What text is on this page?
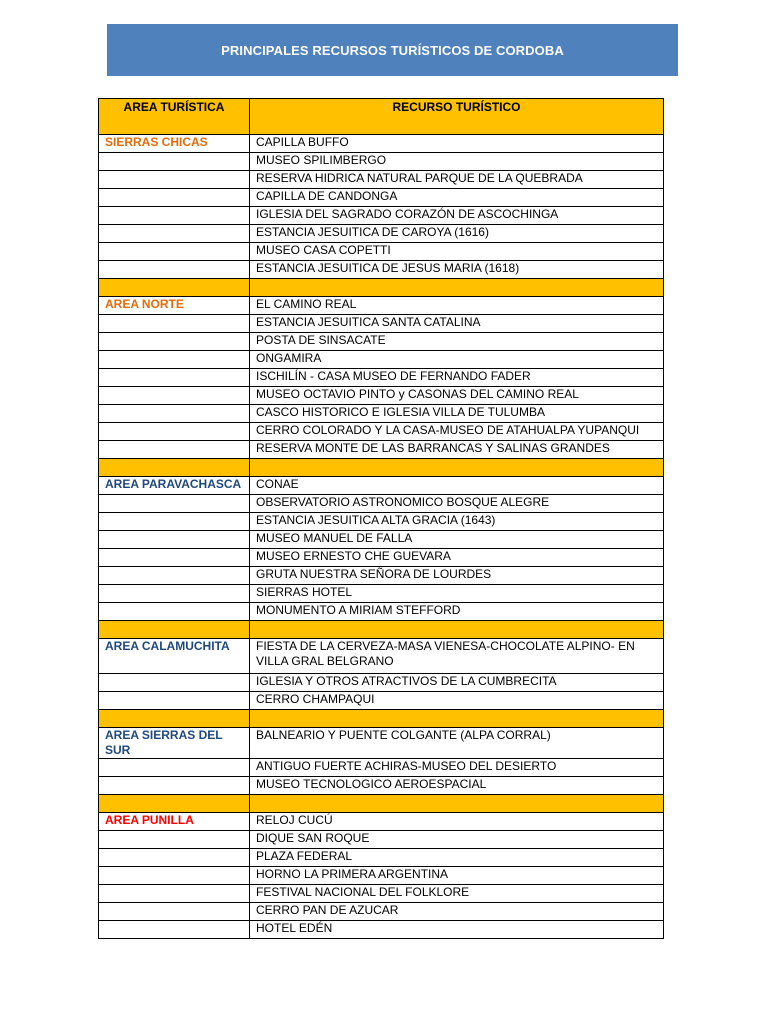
PRINCIPALES RECURSOS TURÍSTICOS DE CORDOBA
AREA TURÍSTICA	RECURSO TURÍSTICO
SIERRAS CHICAS	CAPILLA BUFFO
	MUSEO SPILIMBERGO
	RESERVA HIDRICA NATURAL PARQUE DE LA QUEBRADA
	CAPILLA DE CANDONGA
	IGLESIA DEL SAGRADO CORAZÓN DE ASCOCHINGA
	ESTANCIA JESUITICA DE CAROYA (1616)
	MUSEO CASA COPETTI
	ESTANCIA JESUITICA DE JESUS MARIA (1618)

AREA NORTE	EL CAMINO REAL
	ESTANCIA JESUITICA SANTA CATALINA
	POSTA DE SINSACATE
	ONGAMIRA
	ISCHILÍN - CASA MUSEO DE FERNANDO FADER
	MUSEO OCTAVIO PINTO y CASONAS DEL CAMINO REAL
	CASCO HISTORICO E IGLESIA VILLA DE TULUMBA
	CERRO COLORADO Y LA CASA-MUSEO DE ATAHUALPA YUPANQUI
	RESERVA MONTE DE LAS BARRANCAS Y SALINAS GRANDES

AREA PARAVACHASCA	CONAE
	OBSERVATORIO ASTRONOMICO BOSQUE ALEGRE
	ESTANCIA JESUITICA ALTA GRACIA (1643)
	MUSEO MANUEL DE FALLA
	MUSEO ERNESTO CHE GUEVARA
	GRUTA NUESTRA SEÑORA DE LOURDES
	SIERRAS HOTEL
	MONUMENTO A MIRIAM STEFFORD

AREA CALAMUCHITA	FIESTA DE LA CERVEZA-MASA VIENESA-CHOCOLATE ALPINO- EN VILLA GRAL BELGRANO
	IGLESIA Y OTROS ATRACTIVOS DE LA CUMBRECITA
	CERRO CHAMPAQUI

AREA SIERRAS DEL SUR	BALNEARIO Y PUENTE COLGANTE (ALPA CORRAL)
	ANTIGUO FUERTE ACHIRAS-MUSEO DEL DESIERTO
	MUSEO TECNOLOGICO AEROESPACIAL

AREA PUNILLA	RELOJ CUCÚ
	DIQUE SAN ROQUE
	PLAZA FEDERAL
	HORNO LA PRIMERA ARGENTINA
	FESTIVAL NACIONAL DEL FOLKLORE
	CERRO PAN DE AZUCAR
	HOTEL EDÉN
